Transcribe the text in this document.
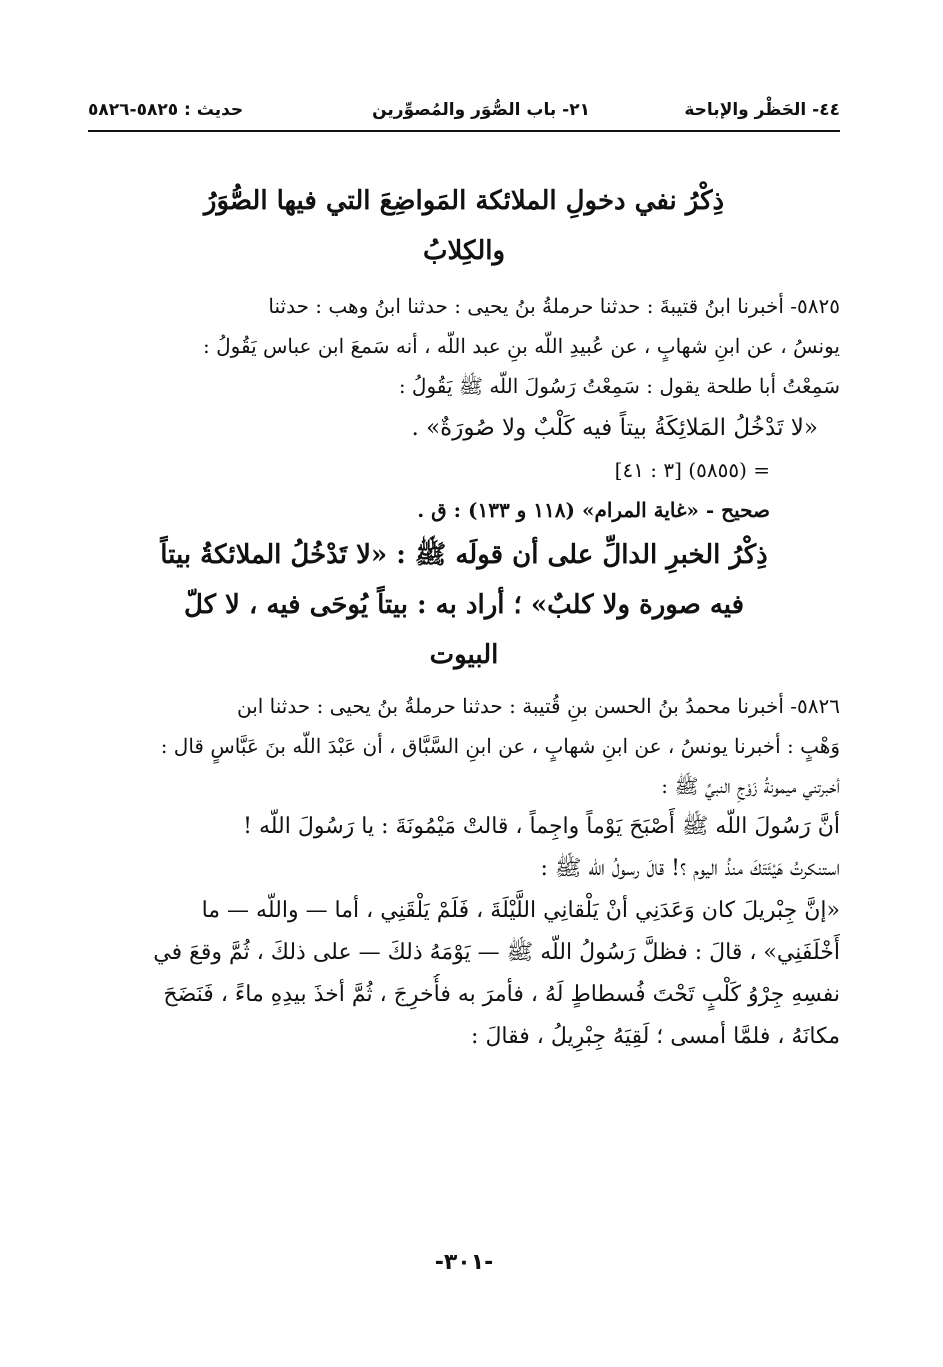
٤٤- الحَظْر والإباحة
٢١- باب الصُّوَر والمُصوِّرين
حديث : ٥٨٢٥-٥٨٢٦
ذِكْرُ نفي دخولِ الملائكة المَواضِعَ التي فيها الصُّوَرُ
والكِلابُ
٥٨٢٥- أخبرنا ابنُ قتيبةَ : حدثنا حرملةُ بنُ يحيى : حدثنا ابنُ وهب : حدثنا
يونسُ ، عن ابنِ شهابٍ ، عن عُبيدِ اللّه بنِ عبد اللّه ، أنه سَمعَ ابن عباس يَقُولُ :
سَمِعْتُ أبا طلحة يقول : سَمِعْتُ رَسُولَ اللّه ﷺ يَقُولُ :
«لا تَدْخُلُ المَلائِكَةُ بيتاً فيه كَلْبٌ ولا صُورَةٌ» .
= (٥٨٥٥) [٣ : ٤١]
صحيح - «غاية المرام» (١١٨ و ١٣٣) : ق .
ذِكْرُ الخبرِ الدالِّ على أن قولَه ﷺ : «لا تَدْخُلُ الملائكةُ بيتاً
فيه صورة ولا كلبٌ» ؛ أراد به : بيتاً يُوحَى فيه ، لا كلّ
البيوت
٥٨٢٦- أخبرنا محمدُ بنُ الحسن بنِ قُتيبة : حدثنا حرملةُ بنُ يحيى : حدثنا ابن
وَهْبٍ : أخبرنا يونسُ ، عن ابنِ شهابٍ ، عن ابنِ السَّبَّاق ، أن عَبْدَ اللّه بنَ عَبَّاسٍ قال :
أخبرتني ميمونةُ زَوْجِ النبيِّ ﷺ :
أنَّ رَسُولَ اللّه ﷺ أَصْبَحَ يَوْماً واجِماً ، قالتْ مَيْمُونَةَ : يا رَسُولَ اللّه !
استنكرتُ هَيْئَتَكَ منذُ اليوم ؟! قالَ رسولُ اللّه ﷺ :
«إنَّ جِبْريلَ كان وَعَدَنِي أنْ يَلْقانِي اللَّيْلَةَ ، فَلَمْ يَلْقَنِي ، أما — واللّه — ما
أَخْلَفَنِي» ، قالَ : فظلَّ رَسُولُ اللّه ﷺ — يَوْمَهُ ذلكَ — على ذلكَ ، ثُمَّ وقعَ في
نفسِهِ جِرْوُ كَلْبٍ تَحْتَ فُسطاطٍ لَهُ ، فأمرَ به فأُخرِجَ ، ثُمَّ أخذَ بيدِهِ ماءً ، فَنَضَحَ
مكانَهُ ، فلمَّا أمسى ؛ لَقِيَهُ جِبْرِيلُ ، فقالَ :
-٣٠١-
